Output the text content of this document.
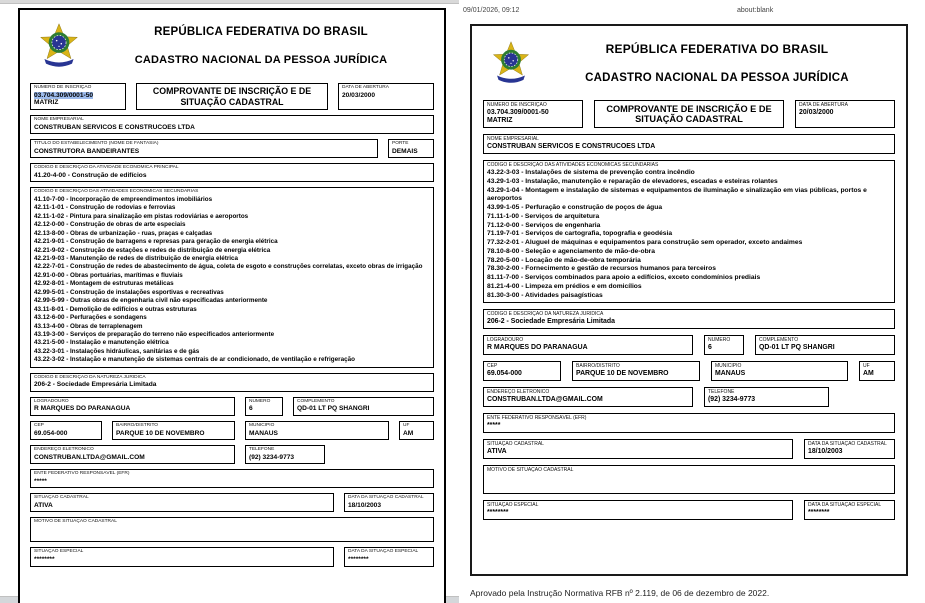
REPÚBLICA FEDERATIVA DO BRASIL
CADASTRO NACIONAL DA PESSOA JURÍDICA
NÚMERO DE INSCRIÇÃO
03.704.309/0001-50
MATRIZ
COMPROVANTE DE INSCRIÇÃO E DE SITUAÇÃO CADASTRAL
DATA DE ABERTURA
20/03/2000
NOME EMPRESARIAL
CONSTRUBAN SERVICOS E CONSTRUCOES LTDA
TÍTULO DO ESTABELECIMENTO (NOME DE FANTASIA)
CONSTRUTORA BANDEIRANTES
PORTE
DEMAIS
CÓDIGO E DESCRIÇÃO DA ATIVIDADE ECONÔMICA PRINCIPAL
41.20-4-00 - Construção de edifícios
CÓDIGO E DESCRIÇÃO DAS ATIVIDADES ECONÔMICAS SECUNDÁRIAS
41.10-7-00 - Incorporação de empreendimentos imobiliários
42.11-1-01 - Construção de rodovias e ferrovias
42.11-1-02 - Pintura para sinalização em pistas rodoviárias e aeroportos
42.12-0-00 - Construção de obras de arte especiais
42.13-8-00 - Obras de urbanização - ruas, praças e calçadas
42.21-9-01 - Construção de barragens e represas para geração de energia elétrica
42.21-9-02 - Construção de estações e redes de distribuição de energia elétrica
42.21-9-03 - Manutenção de redes de distribuição de energia elétrica
42.22-7-01 - Construção de redes de abastecimento de água, coleta de esgoto e construções correlatas, exceto obras de irrigação
42.91-0-00 - Obras portuárias, marítimas e fluviais
42.92-8-01 - Montagem de estruturas metálicas
42.99-5-01 - Construção de instalações esportivas e recreativas
42.99-5-99 - Outras obras de engenharia civil não especificadas anteriormente
43.11-8-01 - Demolição de edifícios e outras estruturas
43.12-6-00 - Perfurações e sondagens
43.13-4-00 - Obras de terraplenagem
43.19-3-00 - Serviços de preparação do terreno não especificados anteriormente
43.21-5-00 - Instalação e manutenção elétrica
43.22-3-01 - Instalações hidráulicas, sanitárias e de gás
43.22-3-02 - Instalação e manutenção de sistemas centrais de ar condicionado, de ventilação e refrigeração
CÓDIGO E DESCRIÇÃO DA NATUREZA JURÍDICA
206-2 - Sociedade Empresária Limitada
LOGRADOURO
R MARQUES DO PARANAGUA
NÚMERO
6
COMPLEMENTO
QD-01 LT PQ SHANGRI
CEP
69.054-000
BAIRRO/DISTRITO
PARQUE 10 DE NOVEMBRO
MUNICÍPIO
MANAUS
UF
AM
ENDEREÇO ELETRÔNICO
CONSTRUBAN.LTDA@GMAIL.COM
TELEFONE
(92) 3234-9773
ENTE FEDERATIVO RESPONSÁVEL (EFR)
*****
SITUAÇÃO CADASTRAL
ATIVA
DATA DA SITUAÇÃO CADASTRAL
18/10/2003
MOTIVO DE SITUAÇÃO CADASTRAL
SITUAÇÃO ESPECIAL
********
DATA DA SITUAÇÃO ESPECIAL
********
09/01/2026, 09:12	about:blank
REPÚBLICA FEDERATIVA DO BRASIL
CADASTRO NACIONAL DA PESSOA JURÍDICA
NÚMERO DE INSCRIÇÃO
03.704.309/0001-50
MATRIZ
COMPROVANTE DE INSCRIÇÃO E DE SITUAÇÃO CADASTRAL
DATA DE ABERTURA
20/03/2000
NOME EMPRESARIAL
CONSTRUBAN SERVICOS E CONSTRUCOES LTDA
CÓDIGO E DESCRIÇÃO DAS ATIVIDADES ECONÔMICAS SECUNDÁRIAS
43.22-3-03 - Instalações de sistema de prevenção contra incêndio
43.29-1-03 - Instalação, manutenção e reparação de elevadores, escadas e esteiras rolantes
43.29-1-04 - Montagem e instalação de sistemas e equipamentos de iluminação e sinalização em vias públicas, portos e aeroportos
43.99-1-05 - Perfuração e construção de poços de água
71.11-1-00 - Serviços de arquitetura
71.12-0-00 - Serviços de engenharia
71.19-7-01 - Serviços de cartografia, topografia e geodésia
77.32-2-01 - Aluguel de máquinas e equipamentos para construção sem operador, exceto andaimes
78.10-8-00 - Seleção e agenciamento de mão-de-obra
78.20-5-00 - Locação de mão-de-obra temporária
78.30-2-00 - Fornecimento e gestão de recursos humanos para terceiros
81.11-7-00 - Serviços combinados para apoio a edifícios, exceto condomínios prediais
81.21-4-00 - Limpeza em prédios e em domicílios
81.30-3-00 - Atividades paisagísticas
CÓDIGO E DESCRIÇÃO DA NATUREZA JURÍDICA
206-2 - Sociedade Empresária Limitada
LOGRADOURO
R MARQUES DO PARANAGUA
NÚMERO
6
COMPLEMENTO
QD-01 LT PQ SHANGRI
CEP
69.054-000
BAIRRO/DISTRITO
PARQUE 10 DE NOVEMBRO
MUNICÍPIO
MANAUS
UF
AM
ENDEREÇO ELETRÔNICO
CONSTRUBAN.LTDA@GMAIL.COM
TELEFONE
(92) 3234-9773
ENTE FEDERATIVO RESPONSÁVEL (EFR)
*****
SITUAÇÃO CADASTRAL
ATIVA
DATA DA SITUAÇÃO CADASTRAL
18/10/2003
MOTIVO DE SITUAÇÃO CADASTRAL
SITUAÇÃO ESPECIAL
********
DATA DA SITUAÇÃO ESPECIAL
********
Aprovado pela Instrução Normativa RFB nº 2.119, de 06 de dezembro de 2022.
